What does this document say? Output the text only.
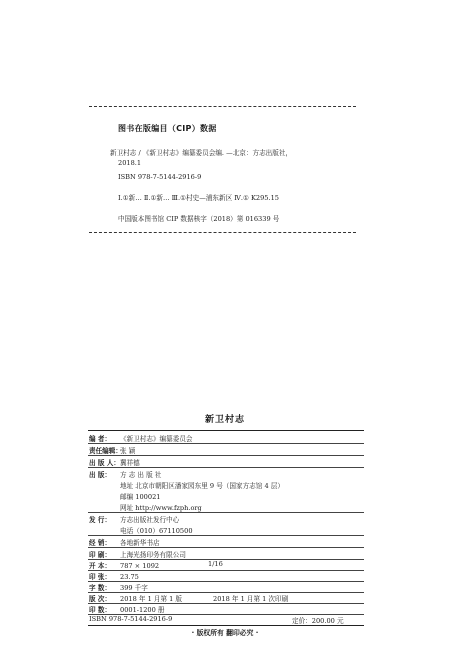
图书在版编目（CIP）数据
新卫村志 / 《新卫村志》编纂委员会编. —北京：方志出版社，
2018.1
ISBN 978-7-5144-2916-9
Ⅰ.①新… Ⅱ.①新… Ⅲ.①村史—浦东新区 Ⅳ.① K295.15
中国版本图书馆 CIP 数据核字（2018）第 016339 号
新卫村志
编 者： 《新卫村志》编纂委员会
责任编辑：张 颖
出 版 人：冀祥德
出 版： 方 志 出 版 社
地址 北京市朝阳区潘家园东里 9 号（国家方志馆 4 层）
邮编 100021
网址 http://www.fzph.org
发 行： 方志出版社发行中心
电话（010）67110500
经 销： 各地新华书店
印 刷： 上海光扬印务有限公司
开 本： 787 × 1092	1/16
印 张： 23.75
字 数： 399 千字
版 次： 2018 年 1 月第 1 版	2018 年 1 月第 1 次印刷
印 数： 0001-1200 册
ISBN 978-7-5144-2916-9	定价：200.00 元
· 版权所有 翻印必究 ·
